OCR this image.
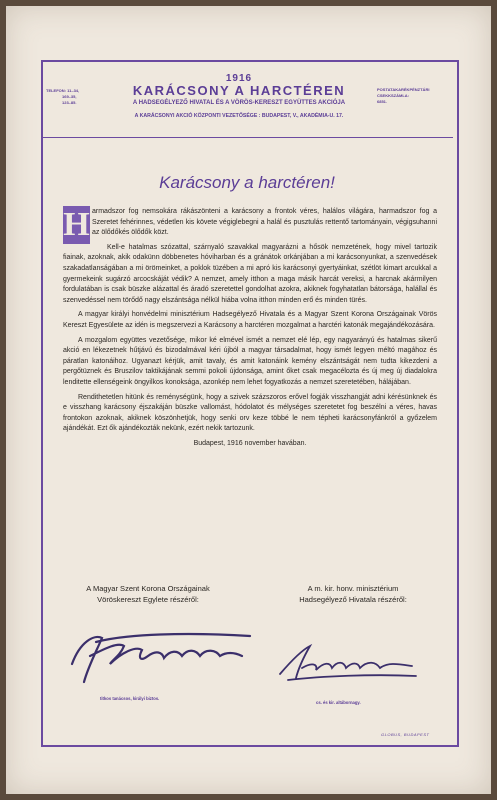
TELEFON: 11–34,
169–35,
123–85.
1916
KARÁCSONY A HARCTÉREN
A HADSEGÉLYEZŐ HIVATAL ÉS A VÖRÖS-KERESZT EGYÜTTES AKCIÓJA
A KARÁCSONYI AKCIÓ KÖZPONTI VEZETŐSÉGE : BUDAPEST, V., AKADÉMIA-U. 17.
POSTATAKARÉKPÉNZTÁRI
CSEKKSZÁMLA:
6851.
Karácsony a harctéren!
H armadszor fog nemsokára rákászönteni a karácsony a frontok véres, halálos világára, harmadszor fog a Szeretet fehérinnes, védetlen kis követe végiglebegni a halál és pusztulás rettentő tartományain, végigsuhanni az ölődőkés ölődők közt.

Kell-e hatalmas szózattal, szárnyaló szavakkal magyarázni a hősök nemzetének, hogy mivel tartozik fiainak, azoknak, akik odakünn döbbenetes hóviharban és a gránátok orkánjában a mi karácsonyunkat, a szenvedések szakadatlanságában a mi örömeinket, a poklok tüzében a mi apró kis karácsonyi gyertyáinkat, szétlöt kimart arcukkal a gyermekeink sugárzó arcocskáját védik? A nemzet, amely itthon a maga másik harcát vereksi, a harcnak akármilyen fordulatában is csak büszke alázattal és áradó szeretettel gondolhat azokra, akiknek fogyhatatlan bátorsága, halállal és szenvedéssel nem törődő nagy elszántsága nélkül hiába volna itthon minden erő és minden türés.

A magyar királyi honvédelmi minisztérium Hadsegélyező Hivatala és a Magyar Szent Korona Országainak Vörös Kereszt Egyesülete az idén is megszervezi a Karácsony a harctéren mozgalmat a harctéri katonák megajándékozására.

A mozgalom együttes vezetősége, mikor ké elmével ismét a nemzet elé lép, egy nagyarányú és hatalmas sikerű akció en lékezetnek hűtjávú és bizodalmával kéri újból a magyar társadalmat, hogy ismét legyen méltó magához és páratlan katonáihoz. Ugyanazt kérjük, amit tavaly, és amit katonáink kemény elszántságát nem tudta kikezdeni a pergőtüznek és Bruszilov taktikájának semmi pokoli újdonsága, amint őket csak megacélozta és új meg új diadalokra lenditette ellenségeink öngyilkos konoksága, azonkép nem lehet fogyatkozás a nemzet szeretetében, hálájában.

Rendithetetlen hitünk és reménységünk, hogy a szivek százszoros erővel fogják visszhangját adni kérésünknek és e visszhang karácsony éjszakáján büszke vallomást, hódolatot és mélységes szeretetet fog beszélni a véres, havas frontokon azoknak, akiknek köszönhetjük, hogy senki orv keze többé le nem tépheti karácsonyfánkról a győzelem ajándékát. Ezt ők ajándékozták nekünk, ezért nekik tartozunk.

Budapest, 1916 november havában.

A Magyar Szent Korona Országainak
Vöröskereszt Egylete részéről:
A m. kir. honv. minisztérium
Hadsegélyező Hivatala részéről:
titkos tanácsos, királyi biztos.
cs. és kir. altábornagy.
GLOBUS, BUDAPEST
